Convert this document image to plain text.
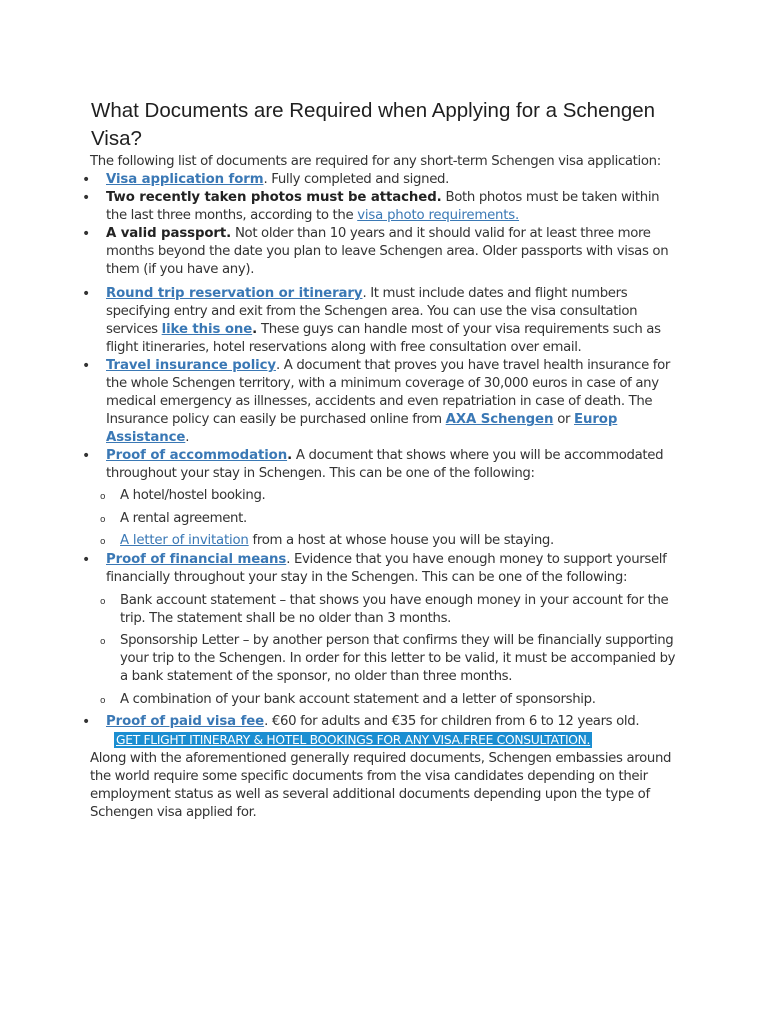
What Documents are Required when Applying for a Schengen
Visa?
The following list of documents are required for any short-term Schengen visa application:
•	Visa application form. Fully completed and signed.
•	Two recently taken photos must be attached. Both photos must be taken within the last three months, according to the visa photo requirements.
•	A valid passport. Not older than 10 years and it should valid for at least three more months beyond the date you plan to leave Schengen area. Older passports with visas on them (if you have any).
•	Round trip reservation or itinerary. It must include dates and flight numbers specifying entry and exit from the Schengen area. You can use the visa consultation services like this one. These guys can handle most of your visa requirements such as flight itineraries, hotel reservations along with free consultation over email.
•	Travel insurance policy. A document that proves you have travel health insurance for the whole Schengen territory, with a minimum coverage of 30,000 euros in case of any medical emergency as illnesses, accidents and even repatriation in case of death. The Insurance policy can easily be purchased online from AXA Schengen or Europ Assistance.
•	Proof of accommodation. A document that shows where you will be accommodated throughout your stay in Schengen. This can be one of the following:
o A hotel/hostel booking.
o A rental agreement.
o A letter of invitation from a host at whose house you will be staying.
•	Proof of financial means. Evidence that you have enough money to support yourself financially throughout your stay in the Schengen. This can be one of the following:
o Bank account statement – that shows you have enough money in your account for the trip. The statement shall be no older than 3 months.
o Sponsorship Letter – by another person that confirms they will be financially supporting your trip to the Schengen. In order for this letter to be valid, it must be accompanied by a bank statement of the sponsor, no older than three months.
o A combination of your bank account statement and a letter of sponsorship.
•	Proof of paid visa fee. €60 for adults and €35 for children from 6 to 12 years old.
GET FLIGHT ITINERARY & HOTEL BOOKINGS FOR ANY VISA.FREE CONSULTATION.
Along with the aforementioned generally required documents, Schengen embassies around the world require some specific documents from the visa candidates depending on their employment status as well as several additional documents depending upon the type of Schengen visa applied for.
